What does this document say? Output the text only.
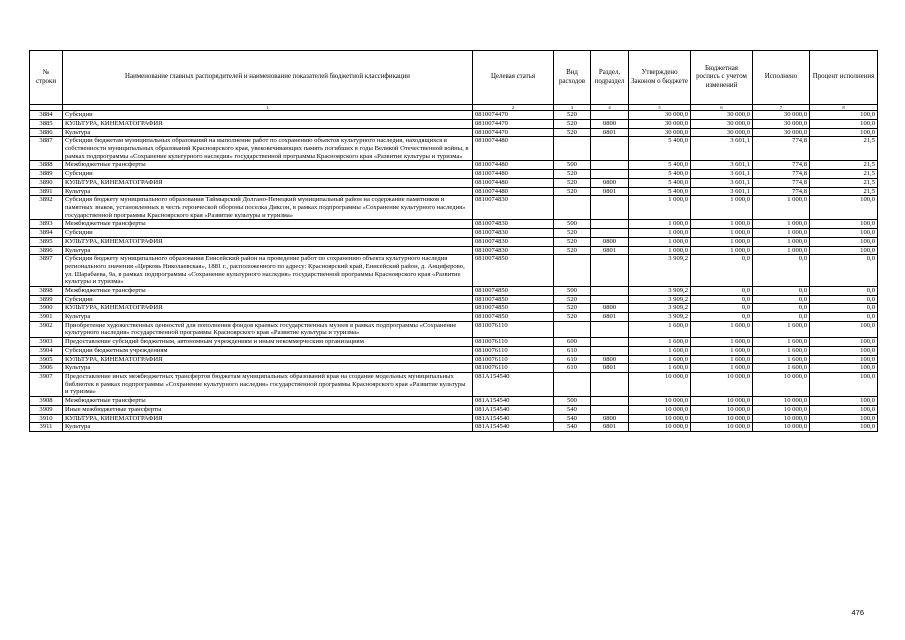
№ строки	Наименование главных распорядителей и наименование показателей бюджетной классификации	Целевая статья	Вид расходов	Раздел, подраздел	Утверждено Законом о бюджете	Бюджетная роспись с учетом изменений	Исполнено	Процент исполнения
	1	2	3	4	5	6	7	8
3884	Субсидии	0810074470	520		30 000,0	30 000,0	30 000,0	100,0
3885	КУЛЬТУРА, КИНЕМАТОГРАФИЯ	0810074470	520	0800	30 000,0	30 000,0	30 000,0	100,0
3886	Культура	0810074470	520	0801	30 000,0	30 000,0	30 000,0	100,0
3887	Субсидии бюджетам муниципальных образований на выполнение работ по сохранению объектов культурного наследия, находящихся в собственности муниципальных образований Красноярского края, увековечивающих память погибших в годы Великой Отечественной войны, в рамках подпрограммы «Сохранение культурного наследия» государственной программы Красноярского края «Развитие культуры и туризма»	0810074480			5 400,0	3 601,1	774,8	21,5
3888	Межбюджетные трансферты	0810074480	500		5 400,0	3 601,1	774,8	21,5
3889	Субсидии	0810074480	520		5 400,0	3 601,1	774,8	21,5
3890	КУЛЬТУРА, КИНЕМАТОГРАФИЯ	0810074480	520	0800	5 400,0	3 601,1	774,8	21,5
3891	Культура	0810074480	520	0801	5 400,0	3 601,1	774,8	21,5
3892	Субсидия бюджету муниципального образования Таймырский Долгано-Ненецкий муниципальный район на содержание памятников и памятных знаков, установленных в честь героической обороны поселка Диксон, в рамках подпрограммы «Сохранение культурного наследия» государственной программы Красноярского края «Развитие культуры и туризма»	0810074830			1 000,0	1 000,0	1 000,0	100,0
3893	Межбюджетные трансферты	0810074830	500		1 000,0	1 000,0	1 000,0	100,0
3894	Субсидии	0810074830	520		1 000,0	1 000,0	1 000,0	100,0
3895	КУЛЬТУРА, КИНЕМАТОГРАФИЯ	0810074830	520	0800	1 000,0	1 000,0	1 000,0	100,0
3896	Культура	0810074830	520	0801	1 000,0	1 000,0	1 000,0	100,0
3897	Субсидия бюджету муниципального образования Енисейский район на проведение работ по сохранению объекта культурного наследия регионального значения «Церковь Николаевская», 1881 г., расположенного по адресу: Красноярский край, Енисейский район, д. Анциферово, ул. Шарабаева, 9а, в рамках подпрограммы «Сохранение культурного наследия» государственной программы Красноярского края «Развитие культуры и туризма»	0810074850			3 909,2	0,0	0,0	0,0
3898	Межбюджетные трансферты	0810074850	500		3 909,2	0,0	0,0	0,0
3899	Субсидии	0810074850	520		3 909,2	0,0	0,0	0,0
3900	КУЛЬТУРА, КИНЕМАТОГРАФИЯ	0810074850	520	0800	3 909,2	0,0	0,0	0,0
3901	Культура	0810074850	520	0801	3 909,2	0,0	0,0	0,0
3902	Приобретение художественных ценностей для пополнения фондов краевых государственных музеев в рамках подпрограммы «Сохранение культурного наследия» государственной программы Красноярского края «Развитие культуры и туризма»	0810076110			1 600,0	1 600,0	1 600,0	100,0
3903	Предоставление субсидий бюджетным, автономным учреждениям и иным некоммерческим организациям	0810076110	600		1 600,0	1 600,0	1 600,0	100,0
3904	Субсидии бюджетным учреждениям	0810076110	610		1 600,0	1 600,0	1 600,0	100,0
3905	КУЛЬТУРА, КИНЕМАТОГРАФИЯ	0810076110	610	0800	1 600,0	1 600,0	1 600,0	100,0
3906	Культура	0810076110	610	0801	1 600,0	1 600,0	1 600,0	100,0
3907	Предоставление иных межбюджетных трансфертов бюджетам муниципальных образований края на создание модельных муниципальных библиотек в рамках подпрограммы «Сохранение культурного наследия» государственной программы Красноярского края «Развитие культуры и туризма»	081A154540			10 000,0	10 000,0	10 000,0	100,0
3908	Межбюджетные трансферты	081A154540	500		10 000,0	10 000,0	10 000,0	100,0
3909	Иные межбюджетные трансферты	081A154540	540		10 000,0	10 000,0	10 000,0	100,0
3910	КУЛЬТУРА, КИНЕМАТОГРАФИЯ	081A154540	540	0800	10 000,0	10 000,0	10 000,0	100,0
3911	Культура	081A154540	540	0801	10 000,0	10 000,0	10 000,0	100,0
476
